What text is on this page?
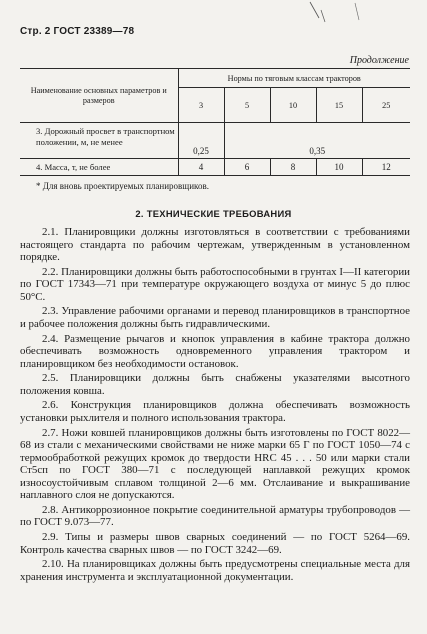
Стр. 2 ГОСТ 23389—78
Продолжение
Наименование основных параметров и размеров	Нормы по тяговым классам тракторов				
	3	5	10	15	25
3. Дорожный просвет в транспортном положении, м, не менее	0,25	0,35			
4. Масса, т, не более	4	6	8	10	12
* Для вновь проектируемых планировщиков.
2. ТЕХНИЧЕСКИЕ ТРЕБОВАНИЯ

2.1. Планировщики должны изготовляться в соответствии с требованиями настоящего стандарта по рабочим чертежам, утвержденным в установленном порядке.

2.2. Планировщики должны быть работоспособными в грунтах I—II категории по ГОСТ 17343—71 при температуре окружающего воздуха от минус 5 до плюс 50°С.

2.3. Управление рабочими органами и перевод планировщиков в транспортное и рабочее положения должны быть гидравлическими.

2.4. Размещение рычагов и кнопок управления в кабине трактора должно обеспечивать возможность одновременного управления трактором и планировщиком без необходимости остановок.

2.5. Планировщики должны быть снабжены указателями высотного положения ковша.

2.6. Конструкция планировщиков должна обеспечивать возможность установки рыхлителя и полного использования трактора.

2.7. Ножи ковшей планировщиков должны быть изготовлены по ГОСТ 8022—68 из стали с механическими свойствами не ниже марки 65 Г по ГОСТ 1050—74 с термообработкой режущих кромок до твердости HRC 45 . . . 50 или марки стали Ст5сп по ГОСТ 380—71 с последующей наплавкой режущих кромок износоустойчивым сплавом толщиной 2—6 мм. Отслаивание и выкрашивание наплавного слоя не допускаются.

2.8. Антикоррозионное покрытие соединительной арматуры трубопроводов — по ГОСТ 9.073—77.

2.9. Типы и размеры швов сварных соединений — по ГОСТ 5264—69. Контроль качества сварных швов — по ГОСТ 3242—69.

2.10. На планировщиках должны быть предусмотрены специальные места для хранения инструмента и эксплуатационной документации.
